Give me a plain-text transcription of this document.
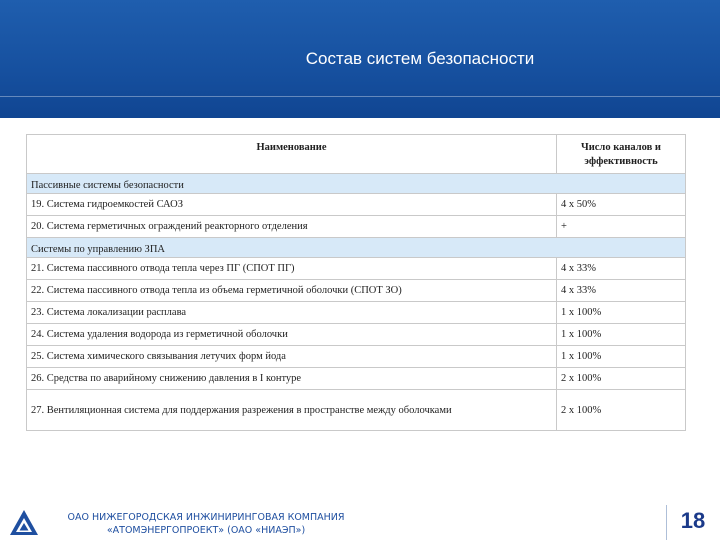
Состав систем безопасности
Наименование	Число каналов и эффективность
Пассивные системы безопасности	
19. Система гидроемкостей САОЗ	4 х 50%
20. Система герметичных ограждений реакторного отделения	+
Системы по управлению ЗПА	
21. Система пассивного отвода тепла через ПГ (СПОТ ПГ)	4 х 33%
22. Система пассивного отвода тепла из объема герметичной оболочки (СПОТ ЗО)	4 х 33%
23. Система локализации расплава	1 х 100%
24. Система удаления водорода из герметичной оболочки	1 х 100%
25. Система химического связывания летучих форм йода	1 х 100%
26. Средства по аварийному снижению давления в I контуре	2 х 100%
27. Вентиляционная система для поддержания разрежения в пространстве между оболочками	2 х 100%
ОАО НИЖЕГОРОДСКАЯ ИНЖИНИРИНГОВАЯ КОМПАНИЯ
«АТОМЭНЕРГОПРОЕКТ» (ОАО «НИАЭП»)	18
